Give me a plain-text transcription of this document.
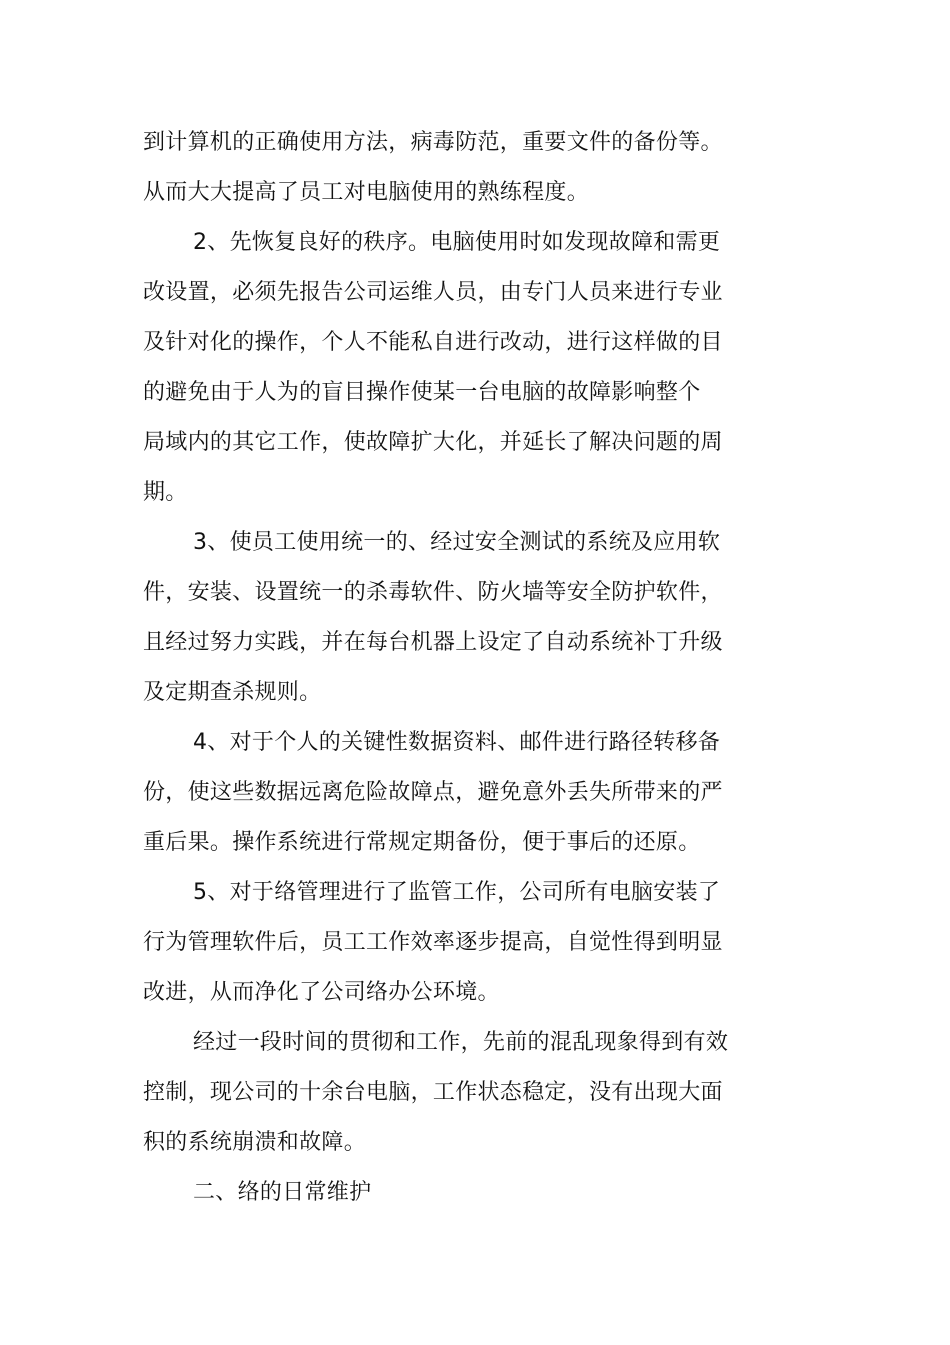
到计算机的正确使用方法，病毒防范，重要文件的备份等。
从而大大提高了员工对电脑使用的熟练程度。
2、先恢复良好的秩序。电脑使用时如发现故障和需更
改设置，必须先报告公司运维人员，由专门人员来进行专业
及针对化的操作，个人不能私自进行改动，进行这样做的目
的避免由于人为的盲目操作使某一台电脑的故障影响整个
局域内的其它工作，使故障扩大化，并延长了解决问题的周
期。
3、使员工使用统一的、经过安全测试的系统及应用软
件，安装、设置统一的杀毒软件、防火墙等安全防护软件，
且经过努力实践，并在每台机器上设定了自动系统补丁升级
及定期查杀规则。
4、对于个人的关键性数据资料、邮件进行路径转移备
份，使这些数据远离危险故障点，避免意外丢失所带来的严
重后果。操作系统进行常规定期备份，便于事后的还原。
5、对于络管理进行了监管工作，公司所有电脑安装了
行为管理软件后，员工工作效率逐步提高，自觉性得到明显
改进，从而净化了公司络办公环境。
经过一段时间的贯彻和工作，先前的混乱现象得到有效
控制，现公司的十余台电脑，工作状态稳定，没有出现大面
积的系统崩溃和故障。
二、络的日常维护
